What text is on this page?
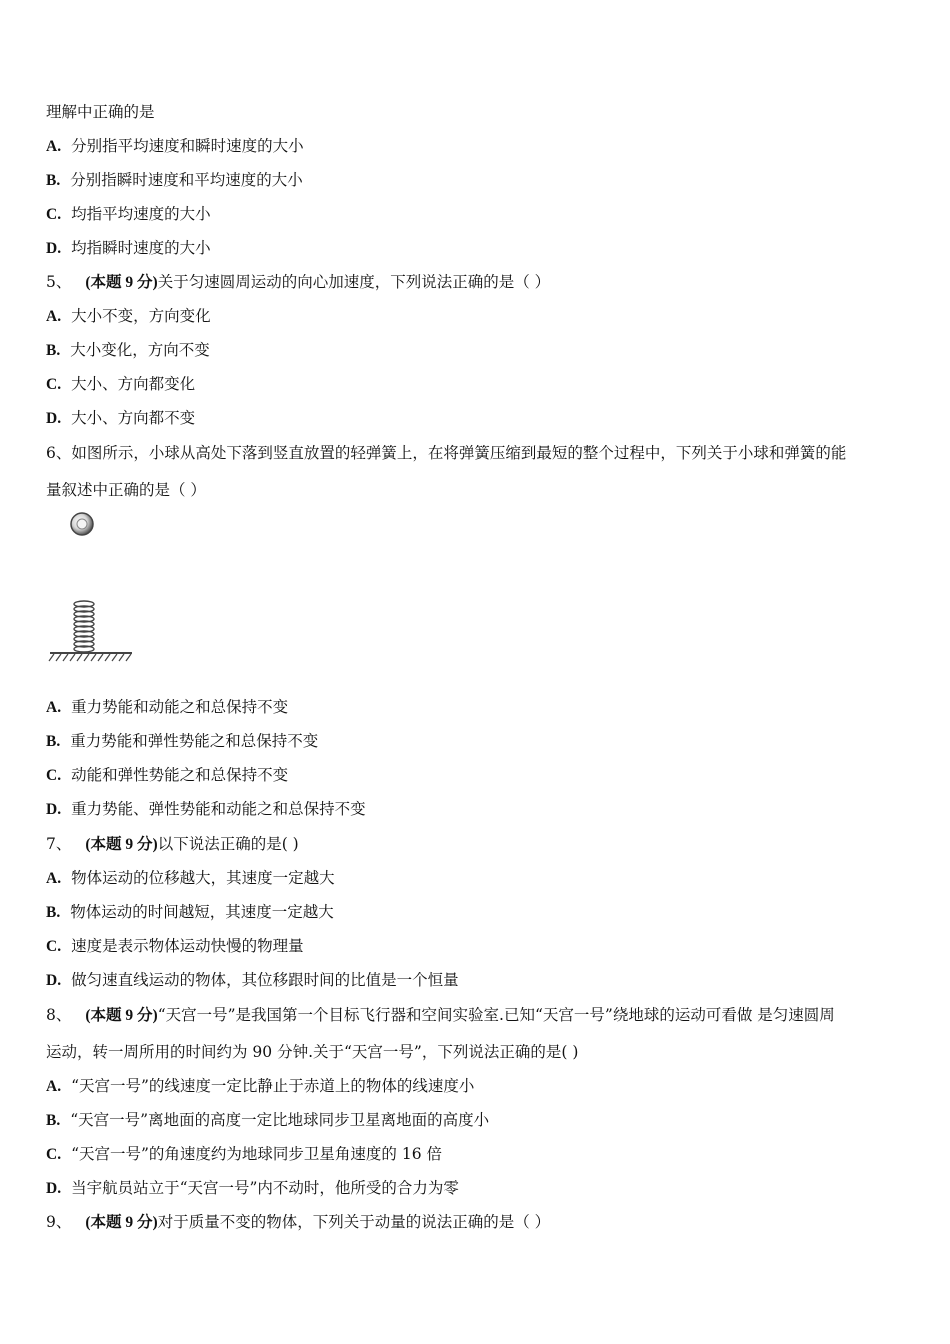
理解中正确的是
A. 分别指平均速度和瞬时速度的大小
B. 分别指瞬时速度和平均速度的大小
C. 均指平均速度的大小
D. 均指瞬时速度的大小
5、 (本题 9 分)关于匀速圆周运动的向心加速度，下列说法正确的是（ ）
A. 大小不变，方向变化
B. 大小变化，方向不变
C. 大小、方向都变化
D. 大小、方向都不变
6、如图所示，小球从高处下落到竖直放置的轻弹簧上，在将弹簧压缩到最短的整个过程中，下列关于小球和弹簧的能
量叙述中正确的是（ ）
A. 重力势能和动能之和总保持不变
B. 重力势能和弹性势能之和总保持不变
C. 动能和弹性势能之和总保持不变
D. 重力势能、弹性势能和动能之和总保持不变
7、 (本题 9 分)以下说法正确的是( )
A. 物体运动的位移越大，其速度一定越大
B. 物体运动的时间越短，其速度一定越大
C. 速度是表示物体运动快慢的物理量
D. 做匀速直线运动的物体，其位移跟时间的比值是一个恒量
8、 (本题 9 分)“天宫一号”是我国第一个目标飞行器和空间实验室.已知“天宫一号”绕地球的运动可看做 是匀速圆周
运动，转一周所用的时间约为 90 分钟.关于“天宫一号”，下列说法正确的是( )
A. “天宫一号”的线速度一定比静止于赤道上的物体的线速度小
B. “天宫一号”离地面的高度一定比地球同步卫星离地面的高度小
C. “天宫一号”的角速度约为地球同步卫星角速度的 16 倍
D. 当宇航员站立于“天宫一号”内不动时，他所受的合力为零
9、 (本题 9 分)对于质量不变的物体，下列关于动量的说法正确的是（ ）
